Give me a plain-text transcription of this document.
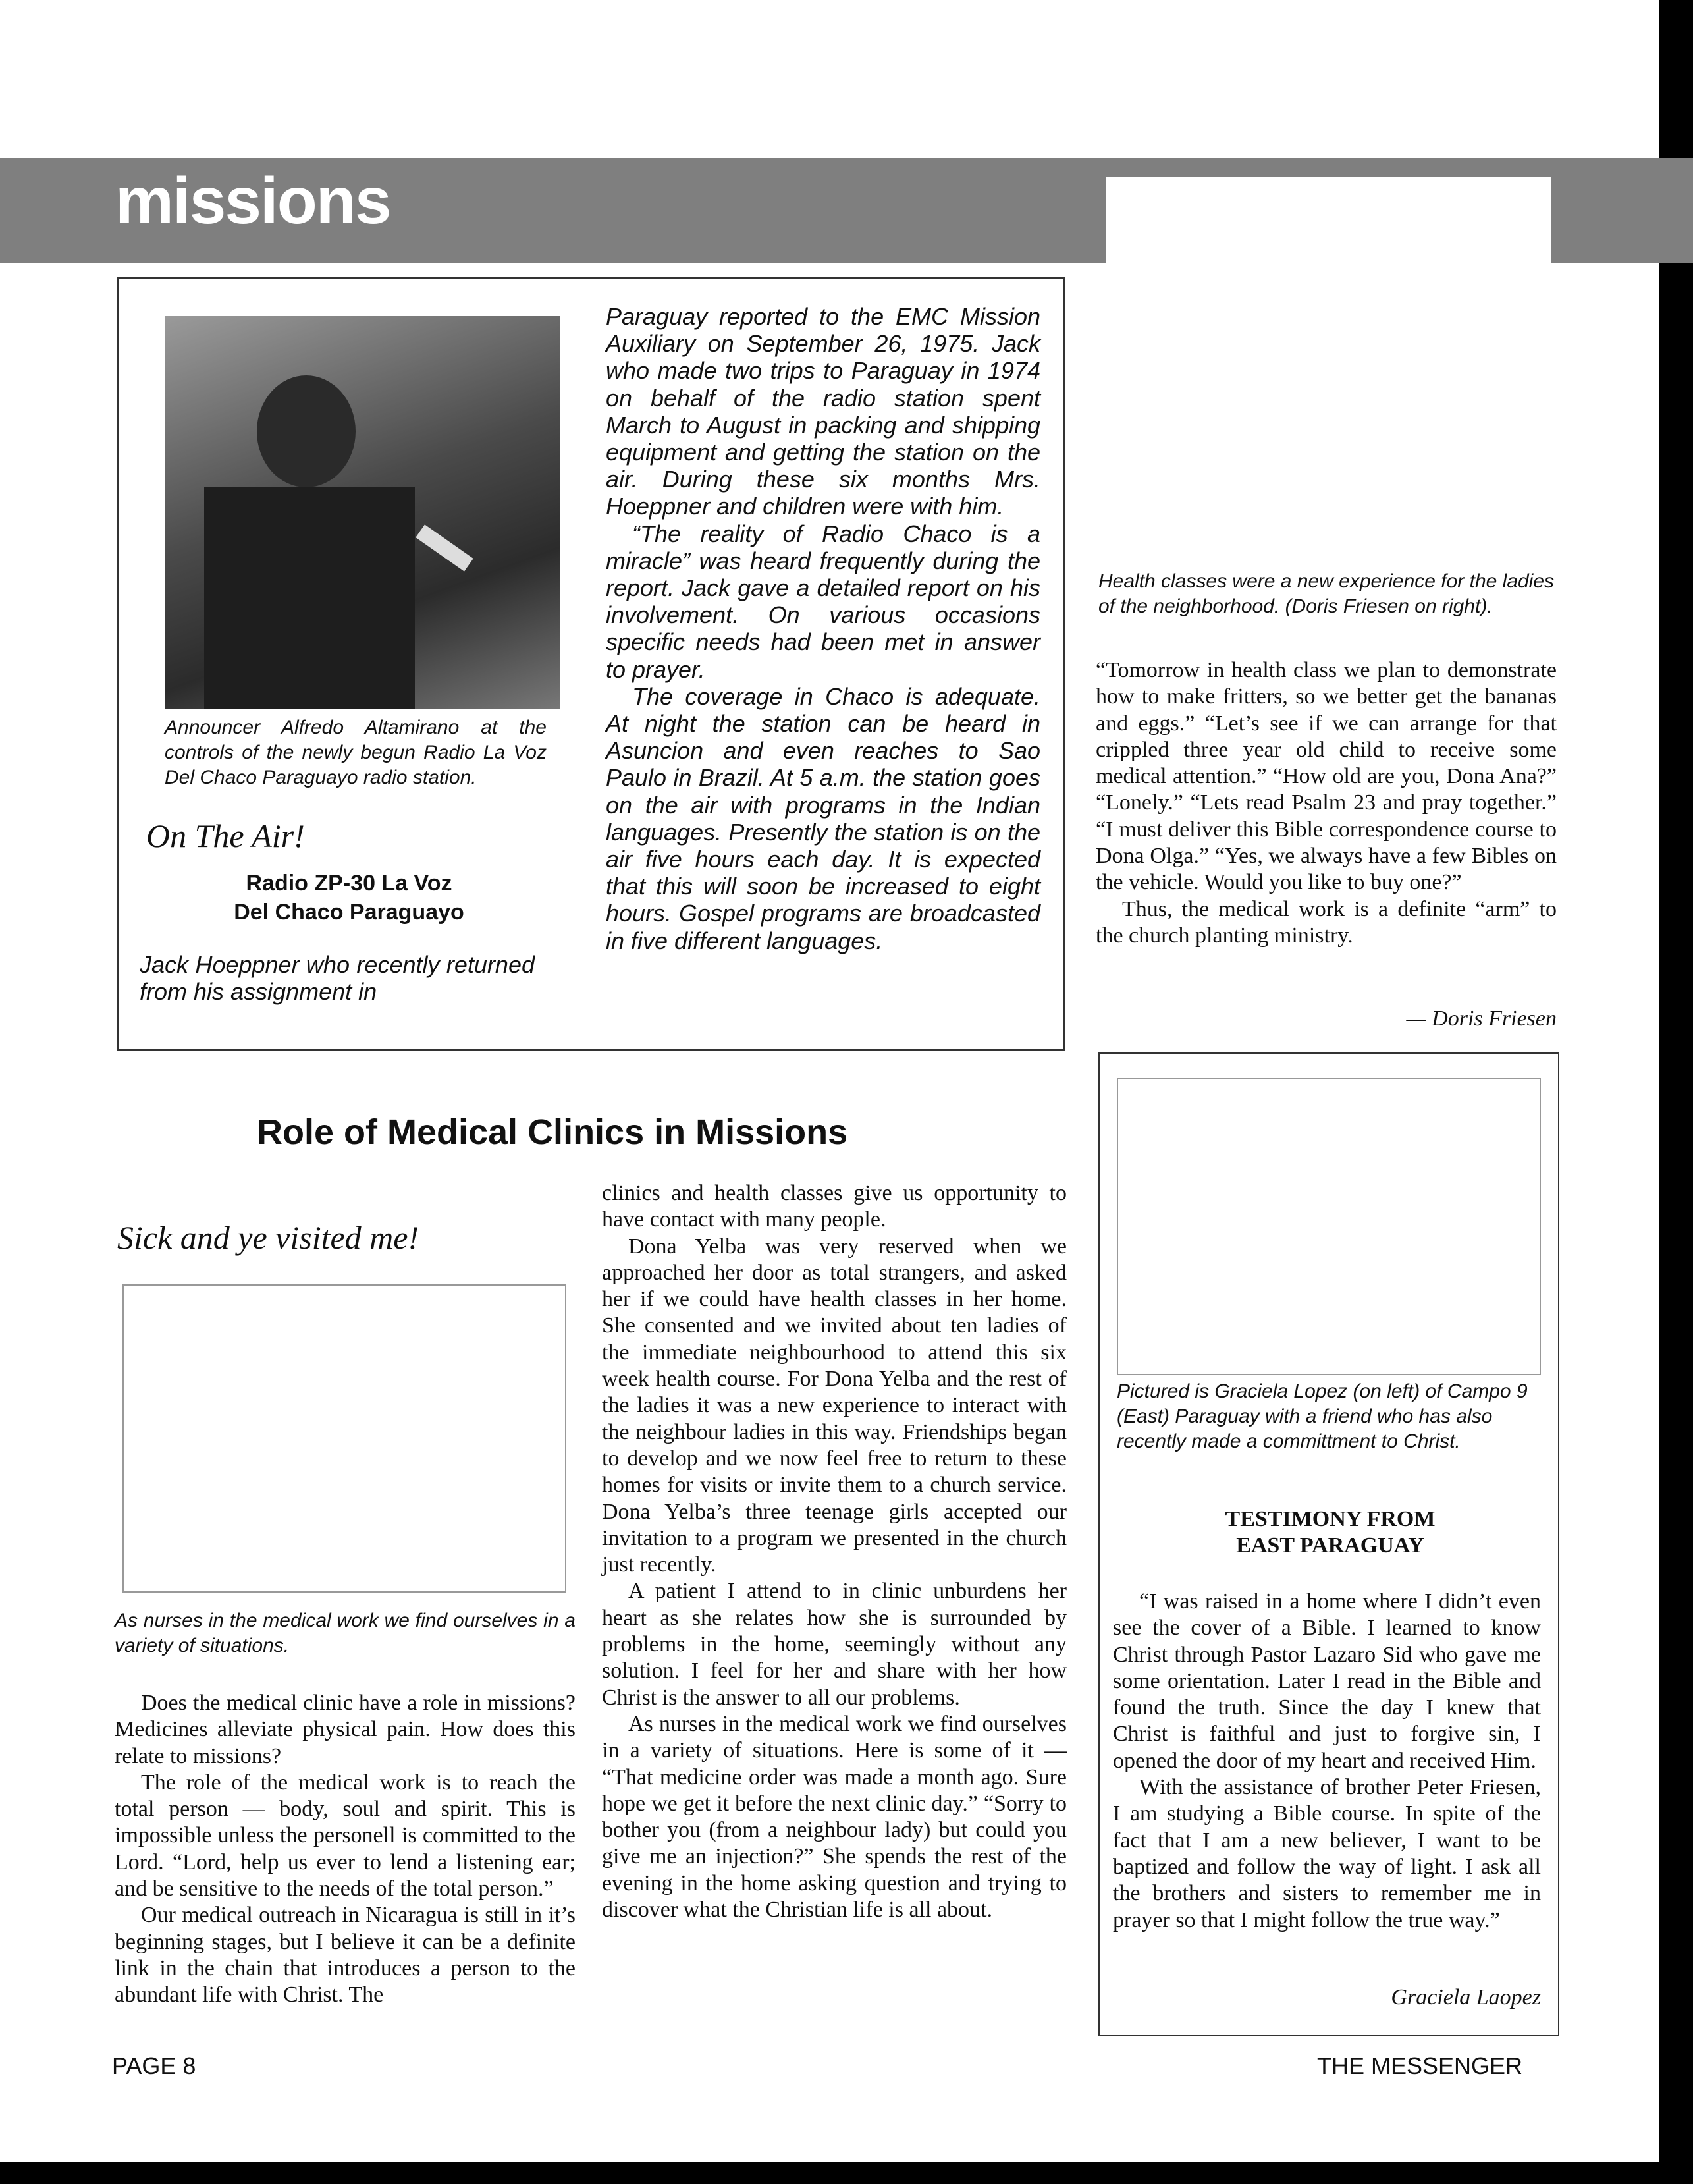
missions
Announcer Alfredo Altamirano at the controls of the newly begun Radio La Voz Del Chaco Paraguayo radio station.
On The Air!
Radio ZP-30 La Voz
Del Chaco Paraguayo
Jack Hoeppner who recently returned from his assignment in

Paraguay reported to the EMC Mission Auxiliary on September 26, 1975. Jack who made two trips to Paraguay in 1974 on behalf of the radio station spent March to August in packing and shipping equipment and getting the station on the air. During these six months Mrs. Hoeppner and children were with him.

“The reality of Radio Chaco is a miracle” was heard frequently during the report. Jack gave a detailed report on his involvement. On various occasions specific needs had been met in answer to prayer.

The coverage in Chaco is adequate. At night the station can be heard in Asuncion and even reaches to Sao Paulo in Brazil. At 5 a.m. the station goes on the air with programs in the Indian languages. Presently the station is on the air five hours each day. It is expected that this will soon be increased to eight hours. Gospel programs are broadcasted in five different languages.

Health classes were a new experience for the ladies of the neighborhood. (Doris Friesen on right).

“Tomorrow in health class we plan to demonstrate how to make fritters, so we better get the bananas and eggs.” “Let’s see if we can arrange for that crippled three year old child to receive some medical attention.” “How old are you, Dona Ana?” “Lonely.” “Lets read Psalm 23 and pray together.” “I must deliver this Bible correspondence course to Dona Olga.” “Yes, we always have a few Bibles on the vehicle. Would you like to buy one?”

Thus, the medical work is a definite “arm” to the church planting ministry.

— Doris Friesen
Role of Medical Clinics in Missions
Sick and ye visited me!
As nurses in the medical work we find ourselves in a variety of situations.

Does the medical clinic have a role in missions? Medicines alleviate physical pain. How does this relate to missions?

The role of the medical work is to reach the total person — body, soul and spirit. This is impossible unless the personell is committed to the Lord. “Lord, help us ever to lend a listening ear; and be sensitive to the needs of the total person.”

Our medical outreach in Nicaragua is still in it’s beginning stages, but I believe it can be a definite link in the chain that introduces a person to the abundant life with Christ. The

clinics and health classes give us opportunity to have contact with many people.

Dona Yelba was very reserved when we approached her door as total strangers, and asked her if we could have health classes in her home. She consented and we invited about ten ladies of the immediate neighbourhood to attend this six week health course. For Dona Yelba and the rest of the ladies it was a new experience to interact with the neighbour ladies in this way. Friendships began to develop and we now feel free to return to these homes for visits or invite them to a church service. Dona Yelba’s three teenage girls accepted our invitation to a program we presented in the church just recently.

A patient I attend to in clinic unburdens her heart as she relates how she is surrounded by problems in the home, seemingly without any solution. I feel for her and share with her how Christ is the answer to all our problems.

As nurses in the medical work we find ourselves in a variety of situations. Here is some of it — “That medicine order was made a month ago. Sure hope we get it before the next clinic day.” “Sorry to bother you (from a neighbour lady) but could you give me an injection?” She spends the rest of the evening in the home asking question and trying to discover what the Christian life is all about.

Pictured is Graciela Lopez (on left) of Campo 9 (East) Paraguay with a friend who has also recently made a committment to Christ.
TESTIMONY FROM
EAST PARAGUAY

“I was raised in a home where I didn’t even see the cover of a Bible. I learned to know Christ through Pastor Lazaro Sid who gave me some orientation. Later I read in the Bible and found the truth. Since the day I knew that Christ is faithful and just to forgive sin, I opened the door of my heart and received Him.

With the assistance of brother Peter Friesen, I am studying a Bible course. In spite of the fact that I am a new believer, I want to be baptized and follow the way of light. I ask all the brothers and sisters to remember me in prayer so that I might follow the true way.”

Graciela Laopez
PAGE 8	THE MESSENGER
